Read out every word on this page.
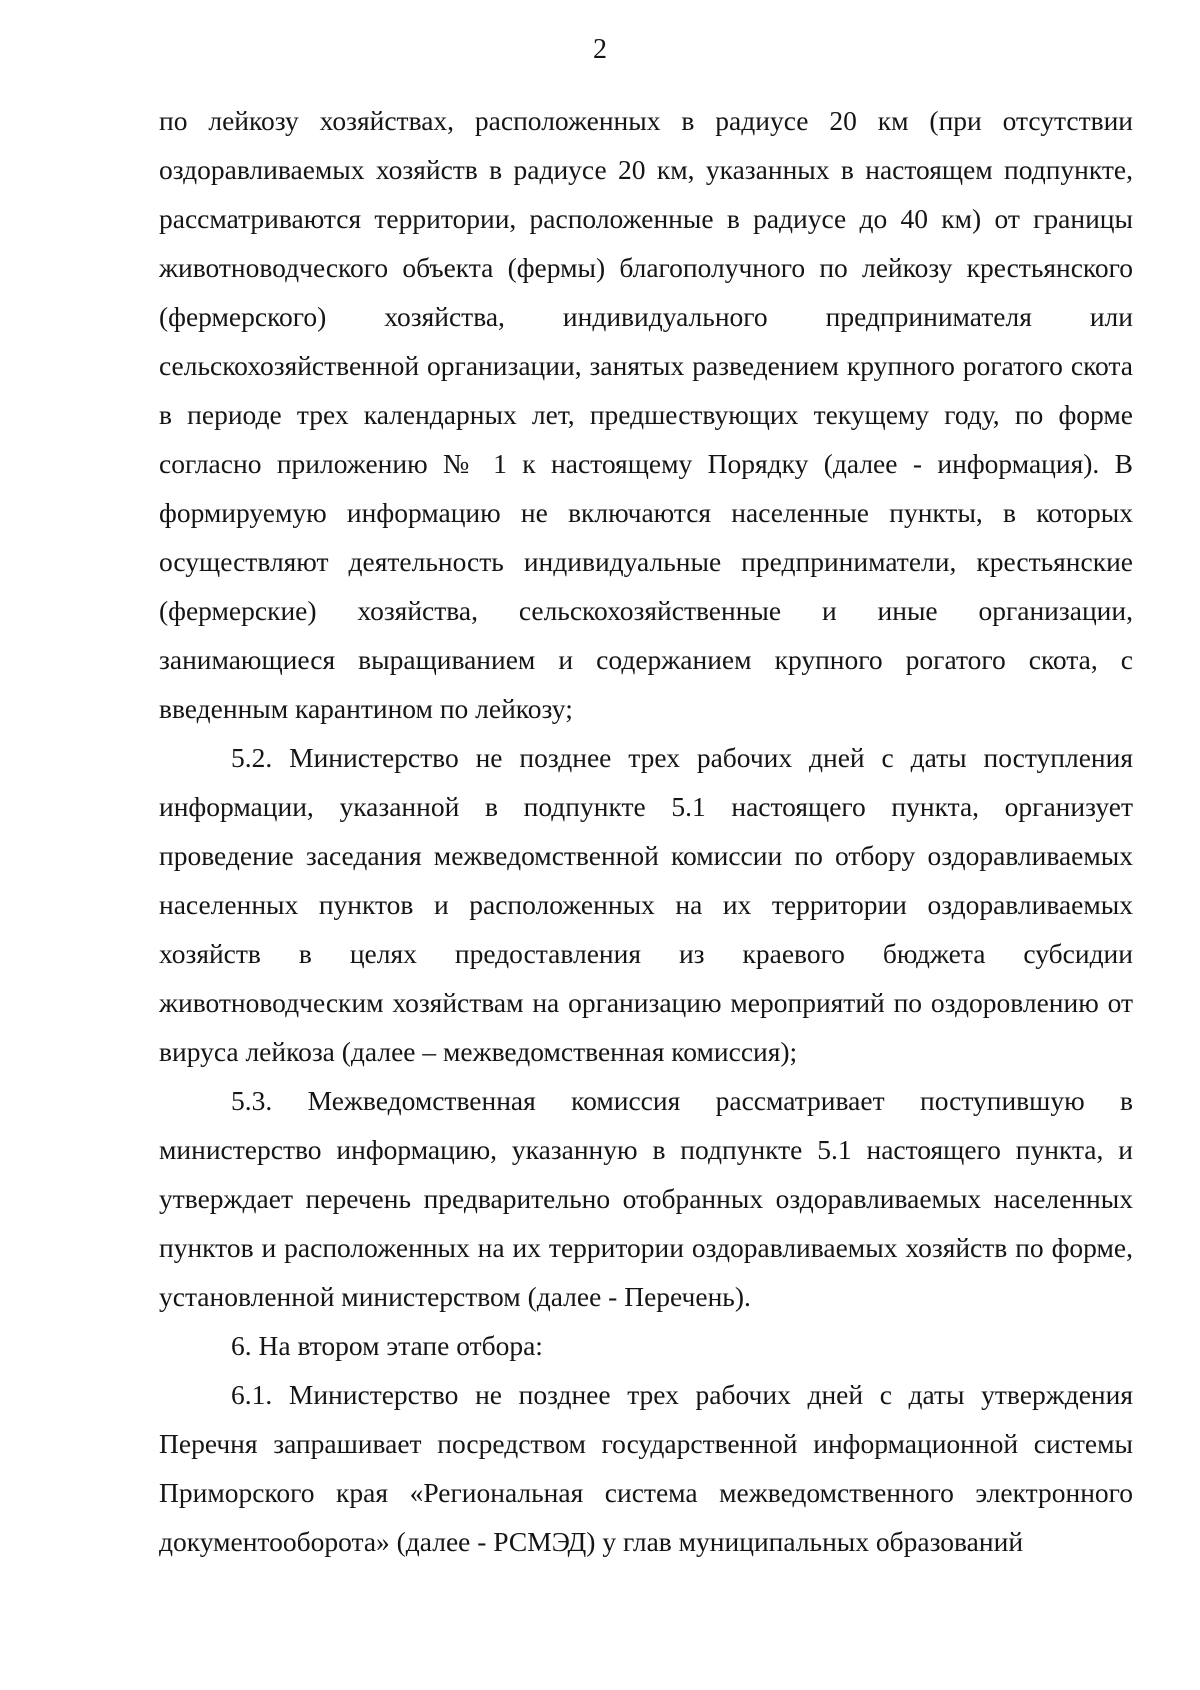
2

по лейкозу хозяйствах, расположенных в радиусе 20 км (при отсутствии оздоравливаемых хозяйств в радиусе 20 км, указанных в настоящем подпункте, рассматриваются территории, расположенные в радиусе до 40 км) от границы животноводческого объекта (фермы) благополучного по лейкозу крестьянского (фермерского) хозяйства, индивидуального предпринимателя или сельскохозяйственной организации, занятых разведением крупного рогатого скота в периоде трех календарных лет, предшествующих текущему году, по форме согласно приложению № 1 к настоящему Порядку (далее - информация). В формируемую информацию не включаются населенные пункты, в которых осуществляют деятельность индивидуальные предприниматели, крестьянские (фермерские) хозяйства, сельскохозяйственные и иные организации, занимающиеся выращиванием и содержанием крупного рогатого скота, с введенным карантином по лейкозу;

5.2. Министерство не позднее трех рабочих дней с даты поступления информации, указанной в подпункте 5.1 настоящего пункта, организует проведение заседания межведомственной комиссии по отбору оздоравливаемых населенных пунктов и расположенных на их территории оздоравливаемых хозяйств в целях предоставления из краевого бюджета субсидии животноводческим хозяйствам на организацию мероприятий по оздоровлению от вируса лейкоза (далее – межведомственная комиссия);

5.3. Межведомственная комиссия рассматривает поступившую в министерство информацию, указанную в подпункте 5.1 настоящего пункта, и утверждает перечень предварительно отобранных оздоравливаемых населенных пунктов и расположенных на их территории оздоравливаемых хозяйств по форме, установленной министерством (далее - Перечень).

6. На втором этапе отбора:

6.1. Министерство не позднее трех рабочих дней с даты утверждения Перечня запрашивает посредством государственной информационной системы Приморского края «Региональная система межведомственного электронного документооборота» (далее - РСМЭД) у глав муниципальных образований
